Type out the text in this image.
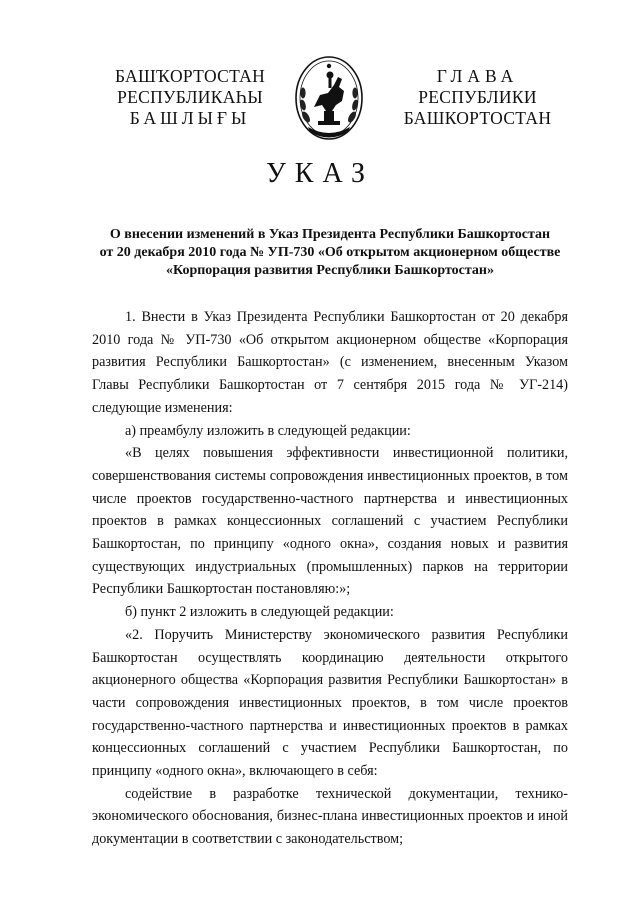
БАШҠОРТОСТАН
РЕСПУБЛИКАҺЫ
БАШЛЫҒЫ
ГЛАВА
РЕСПУБЛИКИ
БАШКОРТОСТАН
УКАЗ
О внесении изменений в Указ Президента Республики Башкортостан
от 20 декабря 2010 года № УП-730 «Об открытом акционерном обществе
«Корпорация развития Республики Башкортостан»

1. Внести в Указ Президента Республики Башкортостан от 20 декабря 2010 года № УП-730 «Об открытом акционерном обществе «Корпорация развития Республики Башкортостан» (с изменением, внесенным Указом Главы Республики Башкортостан от 7 сентября 2015 года № УГ-214) следующие изменения:

а) преамбулу изложить в следующей редакции:

«В целях повышения эффективности инвестиционной политики, совершенствования системы сопровождения инвестиционных проектов, в том числе проектов государственно-частного партнерства и инвестиционных проектов в рамках концессионных соглашений с участием Республики Башкортостан, по принципу «одного окна», создания новых и развития существующих индустриальных (промышленных) парков на территории Республики Башкортостан постановляю:»;

б) пункт 2 изложить в следующей редакции:

«2. Поручить Министерству экономического развития Республики Башкортостан осуществлять координацию деятельности открытого акционерного общества «Корпорация развития Республики Башкортостан» в части сопровождения инвестиционных проектов, в том числе проектов государственно-частного партнерства и инвестиционных проектов в рамках концессионных соглашений с участием Республики Башкортостан, по принципу «одного окна», включающего в себя:

содействие в разработке технической документации, технико-экономического обоснования, бизнес-плана инвестиционных проектов и иной документации в соответствии с законодательством;
